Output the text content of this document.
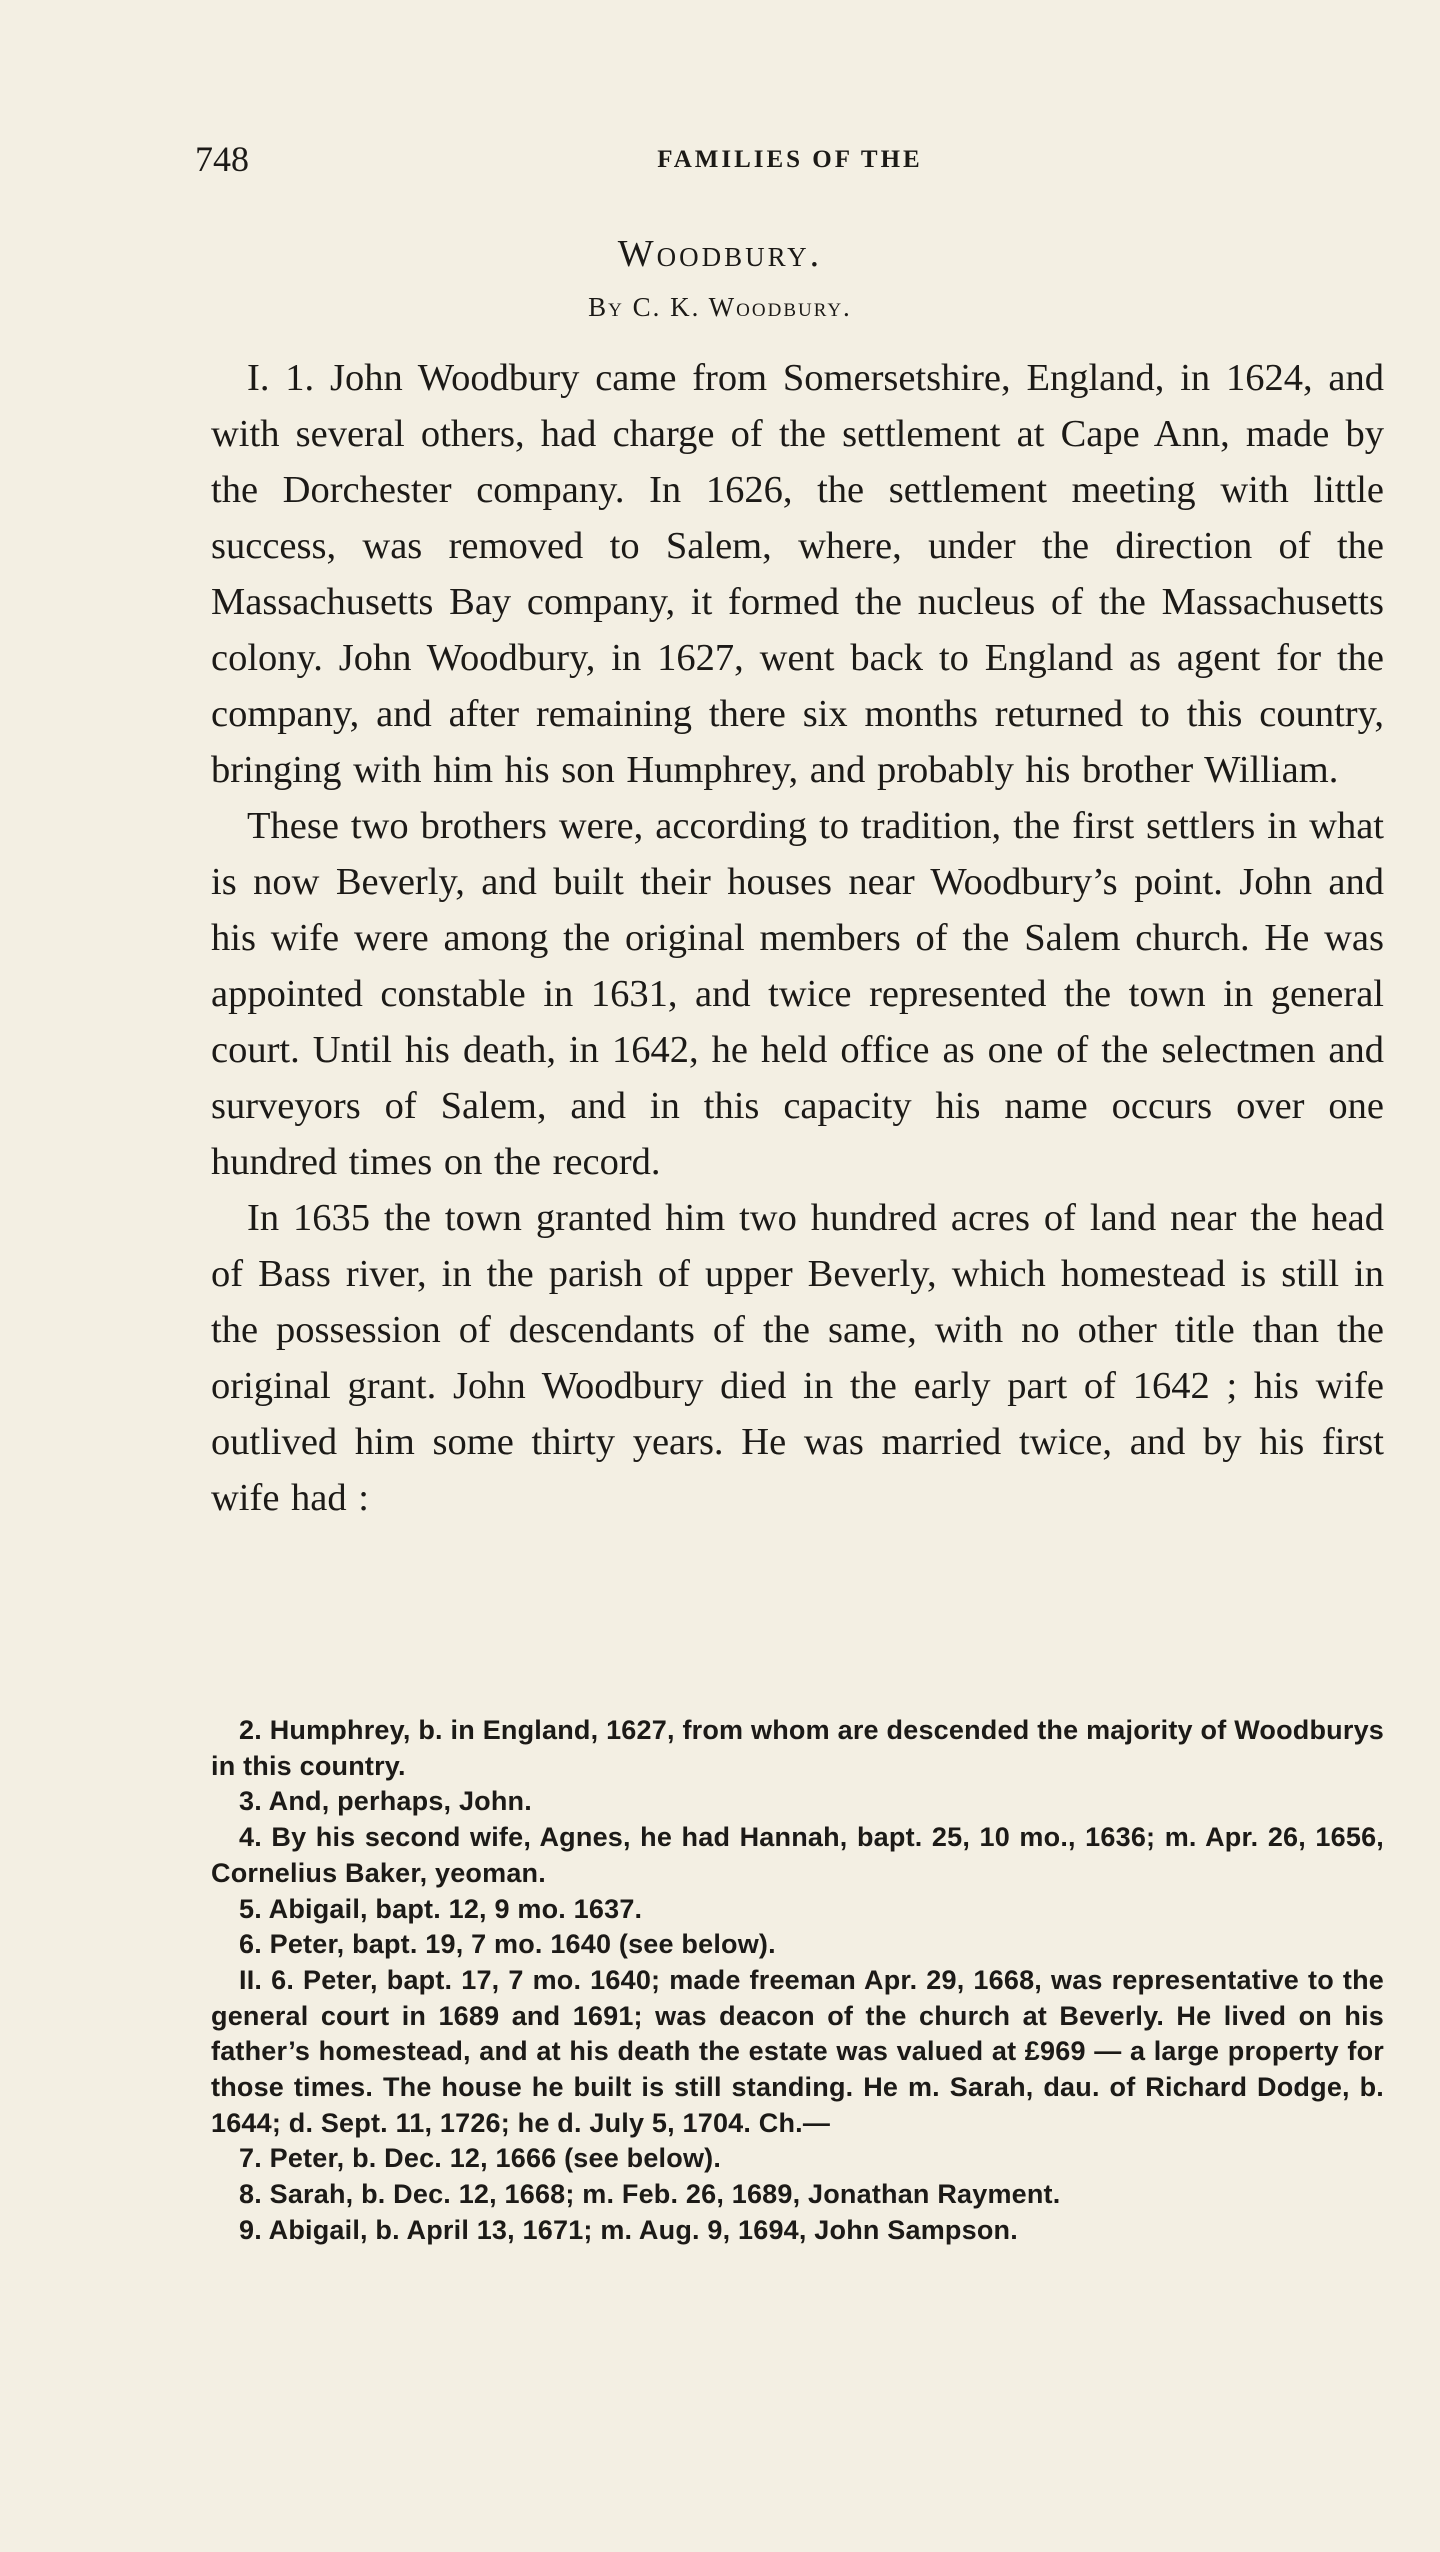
748	FAMILIES OF THE
Woodbury.
By C. K. Woodbury.

I. 1. John Woodbury came from Somersetshire, England, in 1624, and with several others, had charge of the settlement at Cape Ann, made by the Dorchester company. In 1626, the settlement meeting with little success, was removed to Salem, where, under the direction of the Massachusetts Bay company, it formed the nucleus of the Massachusetts colony. John Woodbury, in 1627, went back to England as agent for the company, and after remaining there six months returned to this country, bringing with him his son Humphrey, and probably his brother William.

These two brothers were, according to tradition, the first settlers in what is now Beverly, and built their houses near Woodbury’s point. John and his wife were among the original members of the Salem church. He was appointed constable in 1631, and twice represented the town in general court. Until his death, in 1642, he held office as one of the selectmen and surveyors of Salem, and in this capacity his name occurs over one hundred times on the record.

In 1635 the town granted him two hundred acres of land near the head of Bass river, in the parish of upper Beverly, which homestead is still in the possession of descendants of the same, with no other title than the original grant. John Woodbury died in the early part of 1642 ; his wife outlived him some thirty years. He was married twice, and by his first wife had :

2. Humphrey, b. in England, 1627, from whom are descended the majority of Woodburys in this country.

3. And, perhaps, John.

4. By his second wife, Agnes, he had Hannah, bapt. 25, 10 mo., 1636; m. Apr. 26, 1656, Cornelius Baker, yeoman.

5. Abigail, bapt. 12, 9 mo. 1637.

6. Peter, bapt. 19, 7 mo. 1640 (see below).

II. 6. Peter, bapt. 17, 7 mo. 1640; made freeman Apr. 29, 1668, was representative to the general court in 1689 and 1691; was deacon of the church at Beverly. He lived on his father’s homestead, and at his death the estate was valued at £969 — a large property for those times. The house he built is still standing. He m. Sarah, dau. of Richard Dodge, b. 1644; d. Sept. 11, 1726; he d. July 5, 1704. Ch.—

7. Peter, b. Dec. 12, 1666 (see below).

8. Sarah, b. Dec. 12, 1668; m. Feb. 26, 1689, Jonathan Rayment.

9. Abigail, b. April 13, 1671; m. Aug. 9, 1694, John Sampson.
